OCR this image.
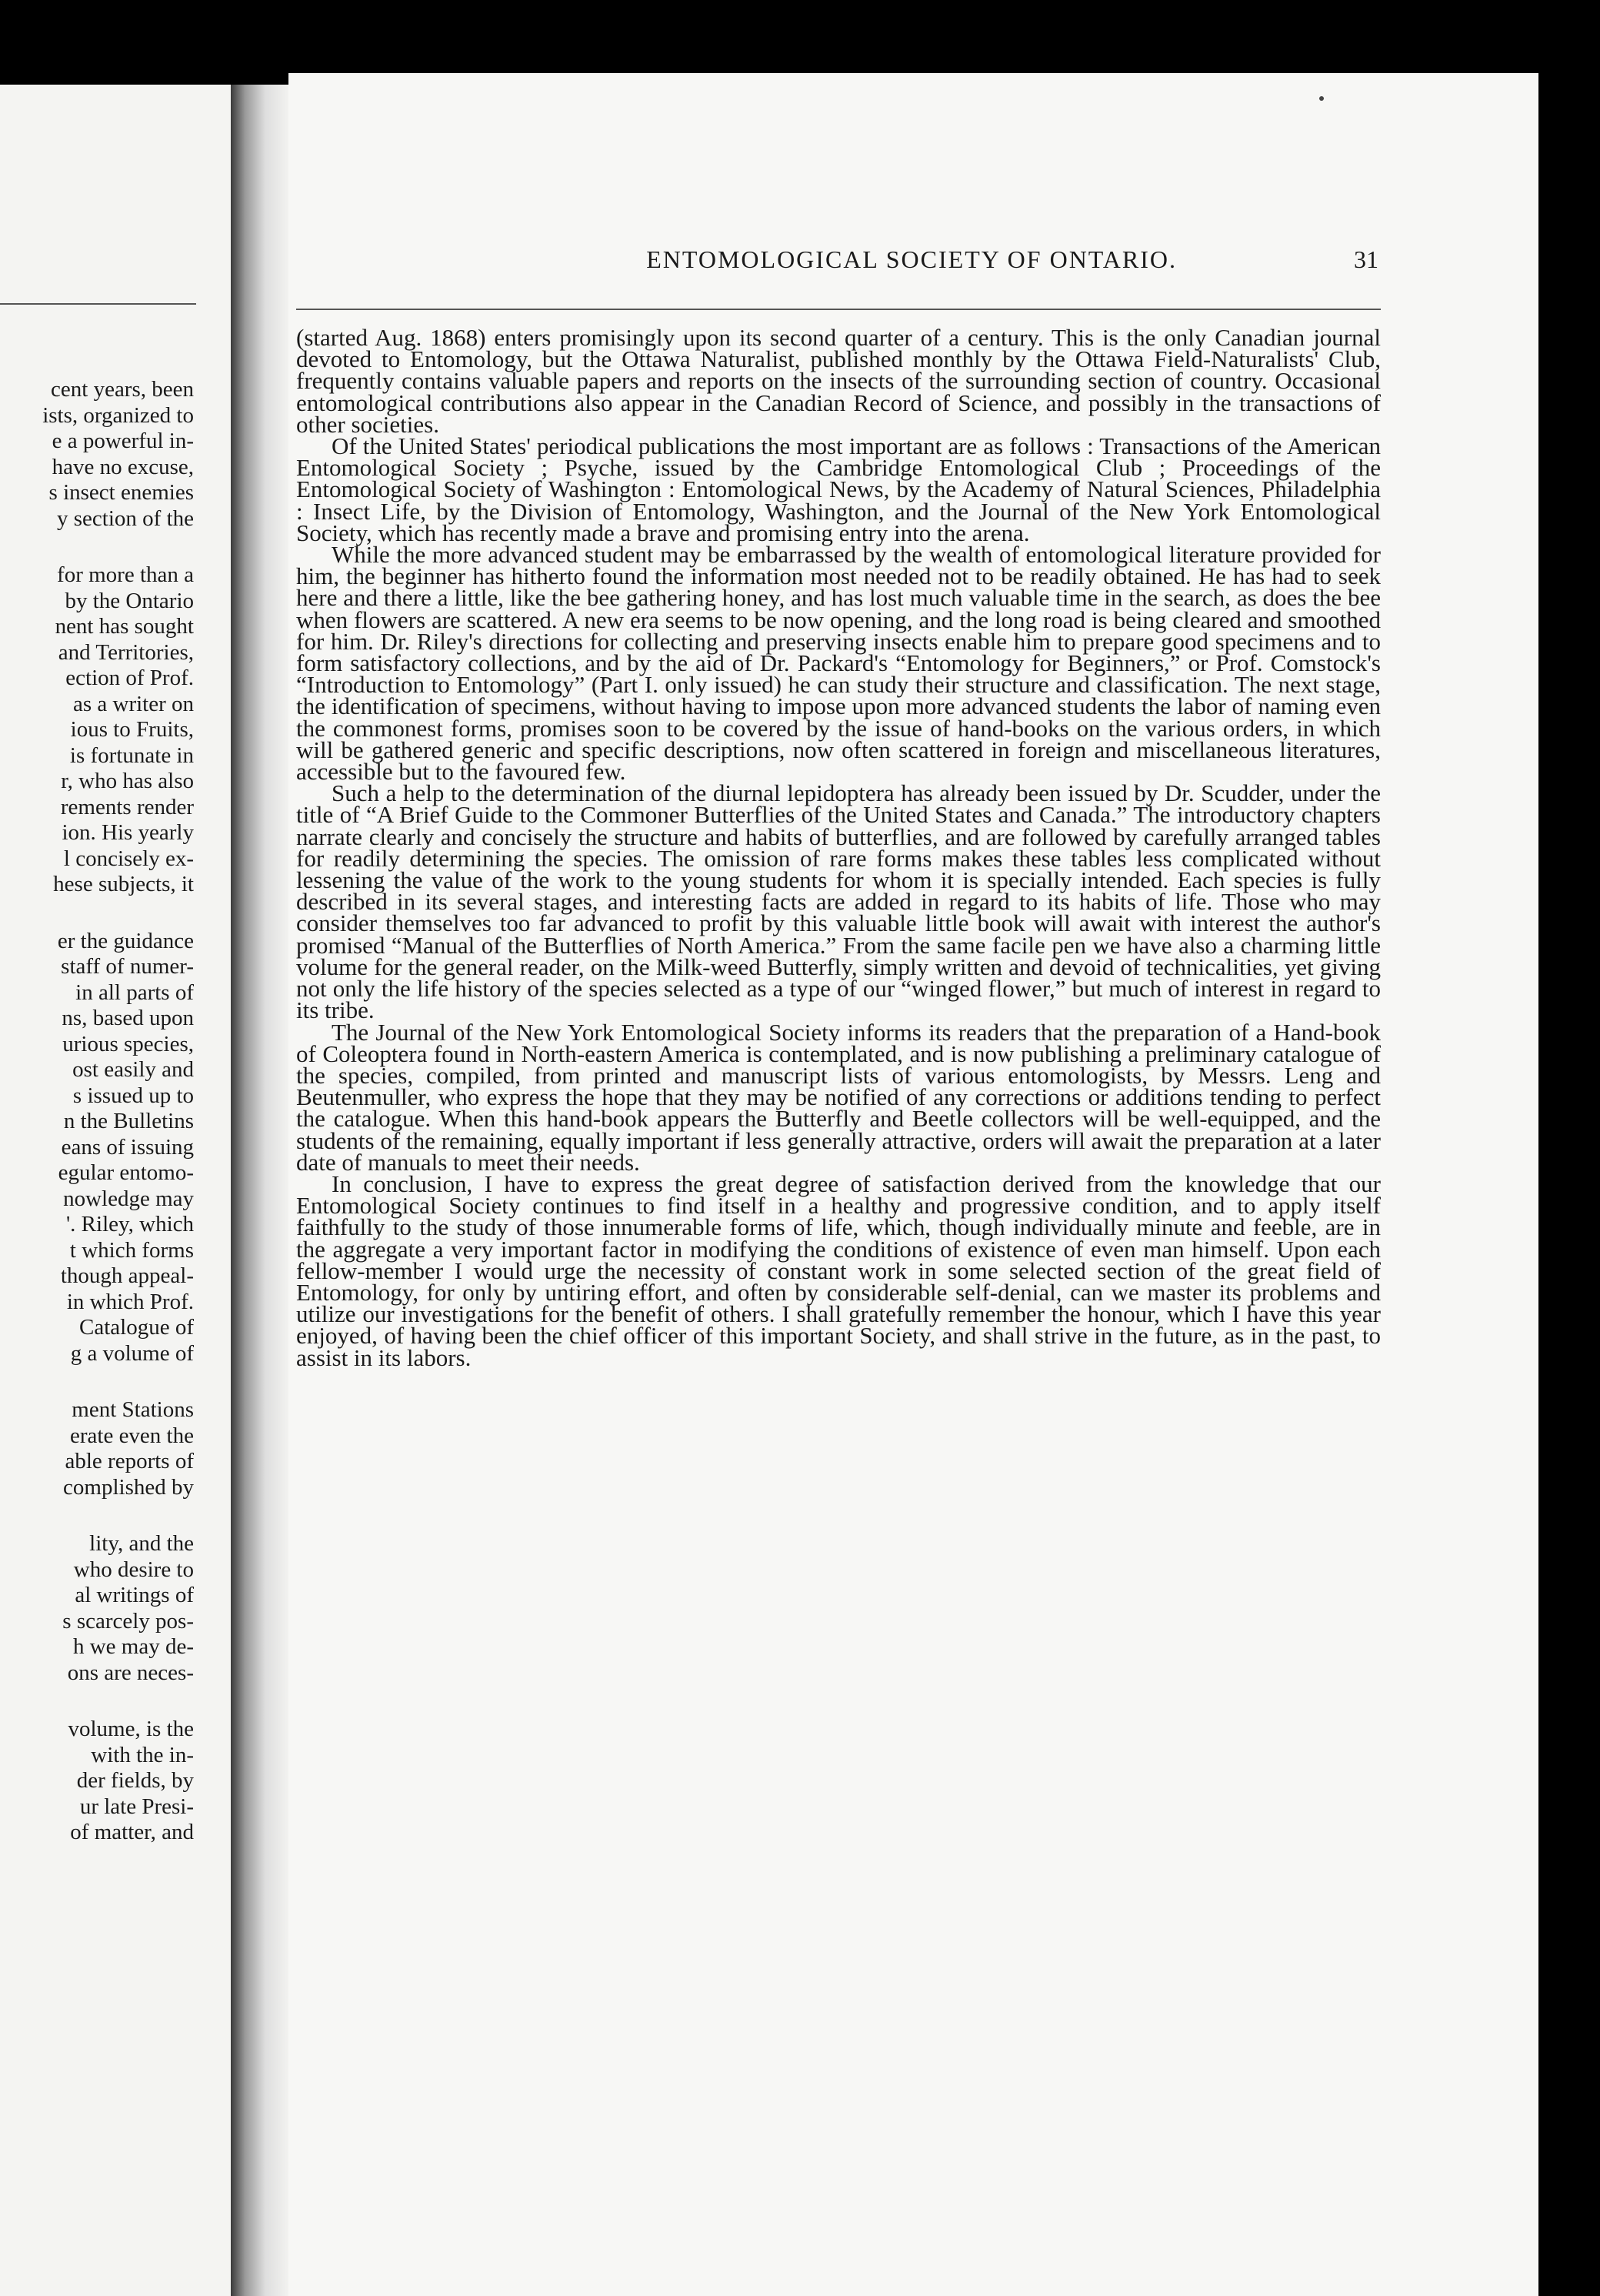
cent years, been
ists, organized to
e a powerful in-
have no excuse,
s insect enemies
y section of the
for more than a
by the Ontario
nent has sought
and Territories,
ection of Prof.
as a writer on
ious to Fruits,
is fortunate in
r, who has also
rements render
ion. His yearly
l concisely ex-
hese subjects, it
er the guidance
staff of numer-
in all parts of
ns, based upon
urious species,
ost easily and
s issued up to
n the Bulletins
eans of issuing
egular entomo-
nowledge may
'. Riley, which
t which forms
though appeal-
in which Prof.
Catalogue of
g a volume of
ment Stations
erate even the
able reports of
complished by
lity, and the
who desire to
al writings of
s scarcely pos-
h we may de-
ons are neces-
volume, is the
with the in-
der fields, by
ur late Presi-
of matter, and
ENTOMOLOGICAL SOCIETY OF ONTARIO.	31

(started Aug. 1868) enters promisingly upon its second quarter of a century. This is the only Canadian journal devoted to Entomology, but the Ottawa Naturalist, published monthly by the Ottawa Field-Naturalists' Club, frequently contains valuable papers and reports on the insects of the surrounding section of country. Occasional entomological contributions also appear in the Canadian Record of Science, and possibly in the transactions of other societies.

Of the United States' periodical publications the most important are as follows : Transactions of the American Entomological Society ; Psyche, issued by the Cambridge Entomological Club ; Proceedings of the Entomological Society of Washington : Entomological News, by the Academy of Natural Sciences, Philadelphia : Insect Life, by the Division of Entomology, Washington, and the Journal of the New York Entomological Society, which has recently made a brave and promising entry into the arena.

While the more advanced student may be embarrassed by the wealth of entomological literature provided for him, the beginner has hitherto found the information most needed not to be readily obtained. He has had to seek here and there a little, like the bee gathering honey, and has lost much valuable time in the search, as does the bee when flowers are scattered. A new era seems to be now opening, and the long road is being cleared and smoothed for him. Dr. Riley's directions for collecting and preserving insects enable him to prepare good specimens and to form satisfactory collections, and by the aid of Dr. Packard's “Entomology for Beginners,” or Prof. Comstock's “Introduction to Entomology” (Part I. only issued) he can study their structure and classification. The next stage, the identification of specimens, without having to impose upon more advanced students the labor of naming even the commonest forms, promises soon to be covered by the issue of hand-books on the various orders, in which will be gathered generic and specific descriptions, now often scattered in foreign and miscellaneous literatures, accessible but to the favoured few.

Such a help to the determination of the diurnal lepidoptera has already been issued by Dr. Scudder, under the title of “A Brief Guide to the Commoner Butterflies of the United States and Canada.” The introductory chapters narrate clearly and concisely the structure and habits of butterflies, and are followed by carefully arranged tables for readily determining the species. The omission of rare forms makes these tables less complicated without lessening the value of the work to the young students for whom it is specially intended. Each species is fully described in its several stages, and interesting facts are added in regard to its habits of life. Those who may consider themselves too far advanced to profit by this valuable little book will await with interest the author's promised “Manual of the Butterflies of North America.” From the same facile pen we have also a charming little volume for the general reader, on the Milk-weed Butterfly, simply written and devoid of technicalities, yet giving not only the life history of the species selected as a type of our “winged flower,” but much of interest in regard to its tribe.

The Journal of the New York Entomological Society informs its readers that the preparation of a Hand-book of Coleoptera found in North-eastern America is contemplated, and is now publishing a preliminary catalogue of the species, compiled, from printed and manuscript lists of various entomologists, by Messrs. Leng and Beutenmuller, who express the hope that they may be notified of any corrections or additions tending to perfect the catalogue. When this hand-book appears the Butterfly and Beetle collectors will be well-equipped, and the students of the remaining, equally important if less generally attractive, orders will await the preparation at a later date of manuals to meet their needs.

In conclusion, I have to express the great degree of satisfaction derived from the knowledge that our Entomological Society continues to find itself in a healthy and progressive condition, and to apply itself faithfully to the study of those innumerable forms of life, which, though individually minute and feeble, are in the aggregate a very important factor in modifying the conditions of existence of even man himself. Upon each fellow-member I would urge the necessity of constant work in some selected section of the great field of Entomology, for only by untiring effort, and often by considerable self-denial, can we master its problems and utilize our investigations for the benefit of others. I shall gratefully remember the honour, which I have this year enjoyed, of having been the chief officer of this important Society, and shall strive in the future, as in the past, to assist in its labors.
